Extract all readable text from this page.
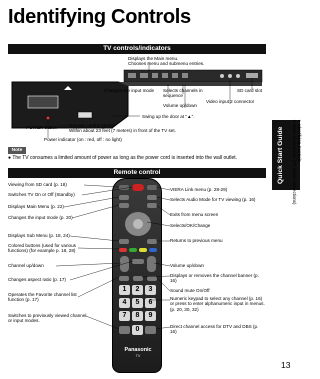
Identifying Controls
TV controls/indicators
Displays the Main menu.
Chooses menu and submenu entries.
Changes the input mode Selects channels in
sequence
SD card slot
Volume up/down
Video input 2 connector
Swing up the door at "▲".
POWER button	Remote control sensor
Within about 23 feet (7 meters) in front of the TV set.
Power indicator (on : red, off : no light)
Note
● The TV consumes a limited amount of power as long as the power cord is inserted into the wall outlet.
Remote control
1	2	3
4	5	6
7	8	9
0
Panasonic
TV
Viewing from SD card (p. 18)
Switches TV On or Off (Standby)
Displays Main Menu (p. 22)
Changes the input mode (p. 20)
Displays Sub Menu (p. 18, 24)
Colored buttons (used for various functions) (for example p. 18, 28)
Channel up/down
Changes aspect ratio (p. 17)
Operates the Favorite channel list function (p. 17)
Switches to previously viewed channel or input modes.
VIERA Link menu (p. 28-29)
Selects Audio Mode for TV viewing (p. 16)
Exits from menu screen
Selects/OK/Change
Returns to previous menu
Volume up/down
Displays or removes the channel banner (p. 16)
Sound mute On/Off
Numeric keypad to select any channel (p. 16) or press to enter alphanumeric input in menus. (p. 20, 30, 32)
Direct channel access for DTV and DBS (p. 16)
Quick Start Guide	● Identifying Controls
● Basic Connection (AV cable connections)
13
